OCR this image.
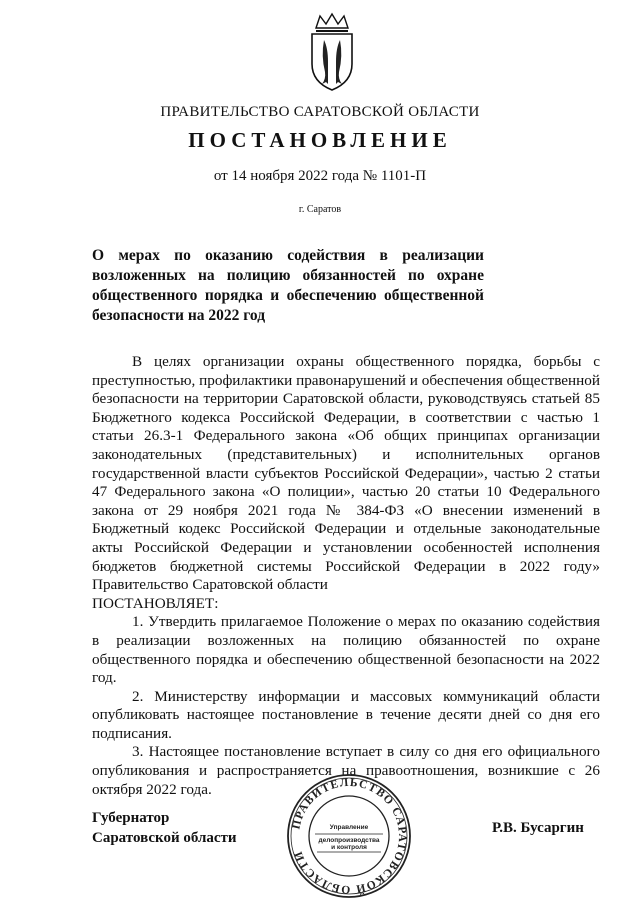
ПРАВИТЕЛЬСТВО САРАТОВСКОЙ ОБЛАСТИ
ПОСТАНОВЛЕНИЕ
от 14 ноября 2022 года № 1101-П
г. Саратов
О мерах по оказанию содействия в реализации возложенных на полицию обязанностей по охране общественного порядка и обеспечению общественной безопасности на 2022 год

В целях организации охраны общественного порядка, борьбы с преступностью, профилактики правонарушений и обеспечения общественной безопасности на территории Саратовской области, руководствуясь статьей 85 Бюджетного кодекса Российской Федерации, в соответствии с частью 1 статьи 26.3-1 Федерального закона «Об общих принципах организации законодательных (представительных) и исполнительных органов государственной власти субъектов Российской Федерации», частью 2 статьи 47 Федерального закона «О полиции», частью 20 статьи 10 Федерального закона от 29 ноября 2021 года № 384-ФЗ «О внесении изменений в Бюджетный кодекс Российской Федерации и отдельные законодательные акты Российской Федерации и установлении особенностей исполнения бюджетов бюджетной системы Российской Федерации в 2022 году» Правительство Саратовской области

ПОСТАНОВЛЯЕТ:

1. Утвердить прилагаемое Положение о мерах по оказанию содействия в реализации возложенных на полицию обязанностей по охране общественного порядка и обеспечению общественной безопасности на 2022 год.

2. Министерству информации и массовых коммуникаций области опубликовать настоящее постановление в течение десяти дней со дня его подписания.

3. Настоящее постановление вступает в силу со дня его официального опубликования и распространяется на правоотношения, возникшие с 26 октября 2022 года.

Губернатор
Саратовской области
Р.В. Бусаргин
ПРАВИТЕЛЬСТВО САРАТОВСКОЙ ОБЛАСТИ
Управление
делопроизводства
и контроля
